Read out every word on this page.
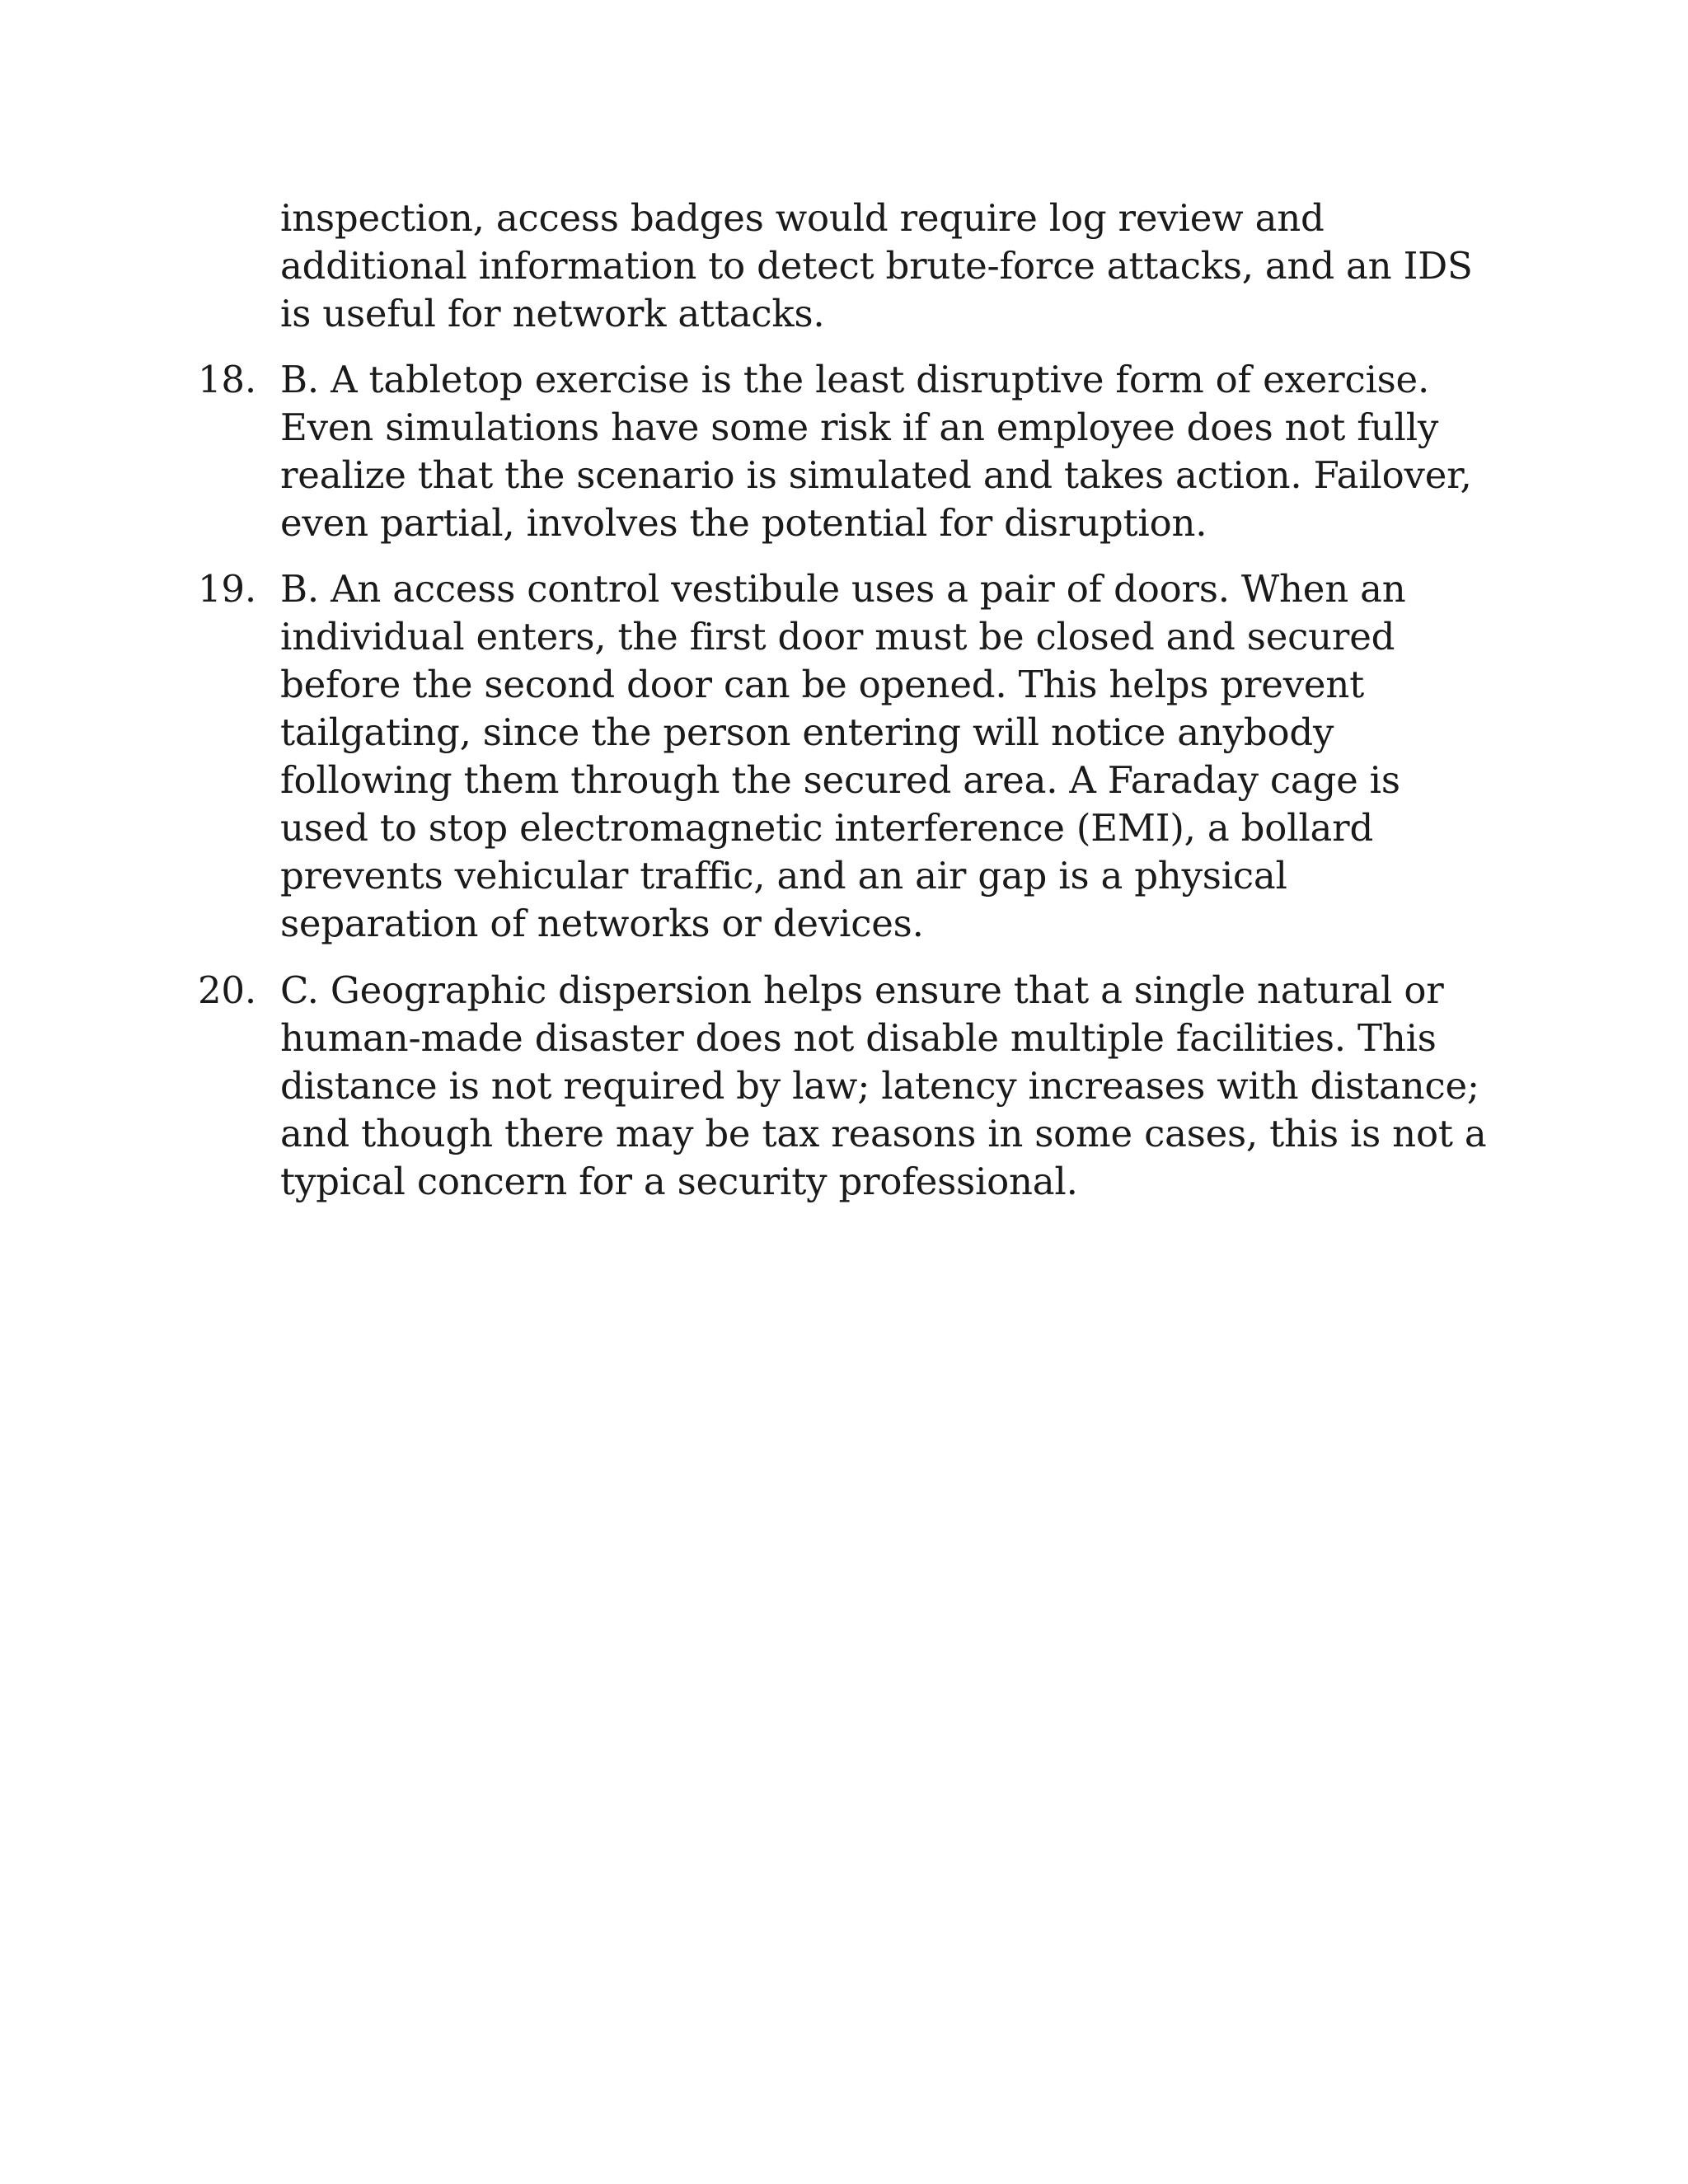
inspection, access badges would require log review and additional information to detect brute-force attacks, and an IDS is useful for network attacks.

18. B. A tabletop exercise is the least disruptive form of exercise. Even simulations have some risk if an employee does not fully realize that the scenario is simulated and takes action. Failover, even partial, involves the potential for disruption.
19. B. An access control vestibule uses a pair of doors. When an individual enters, the first door must be closed and secured before the second door can be opened. This helps prevent tailgating, since the person entering will notice anybody following them through the secured area. A Faraday cage is used to stop electromagnetic interference (EMI), a bollard prevents vehicular traffic, and an air gap is a physical separation of networks or devices.
20. C. Geographic dispersion helps ensure that a single natural or human-made disaster does not disable multiple facilities. This distance is not required by law; latency increases with distance; and though there may be tax reasons in some cases, this is not a typical concern for a security professional.
